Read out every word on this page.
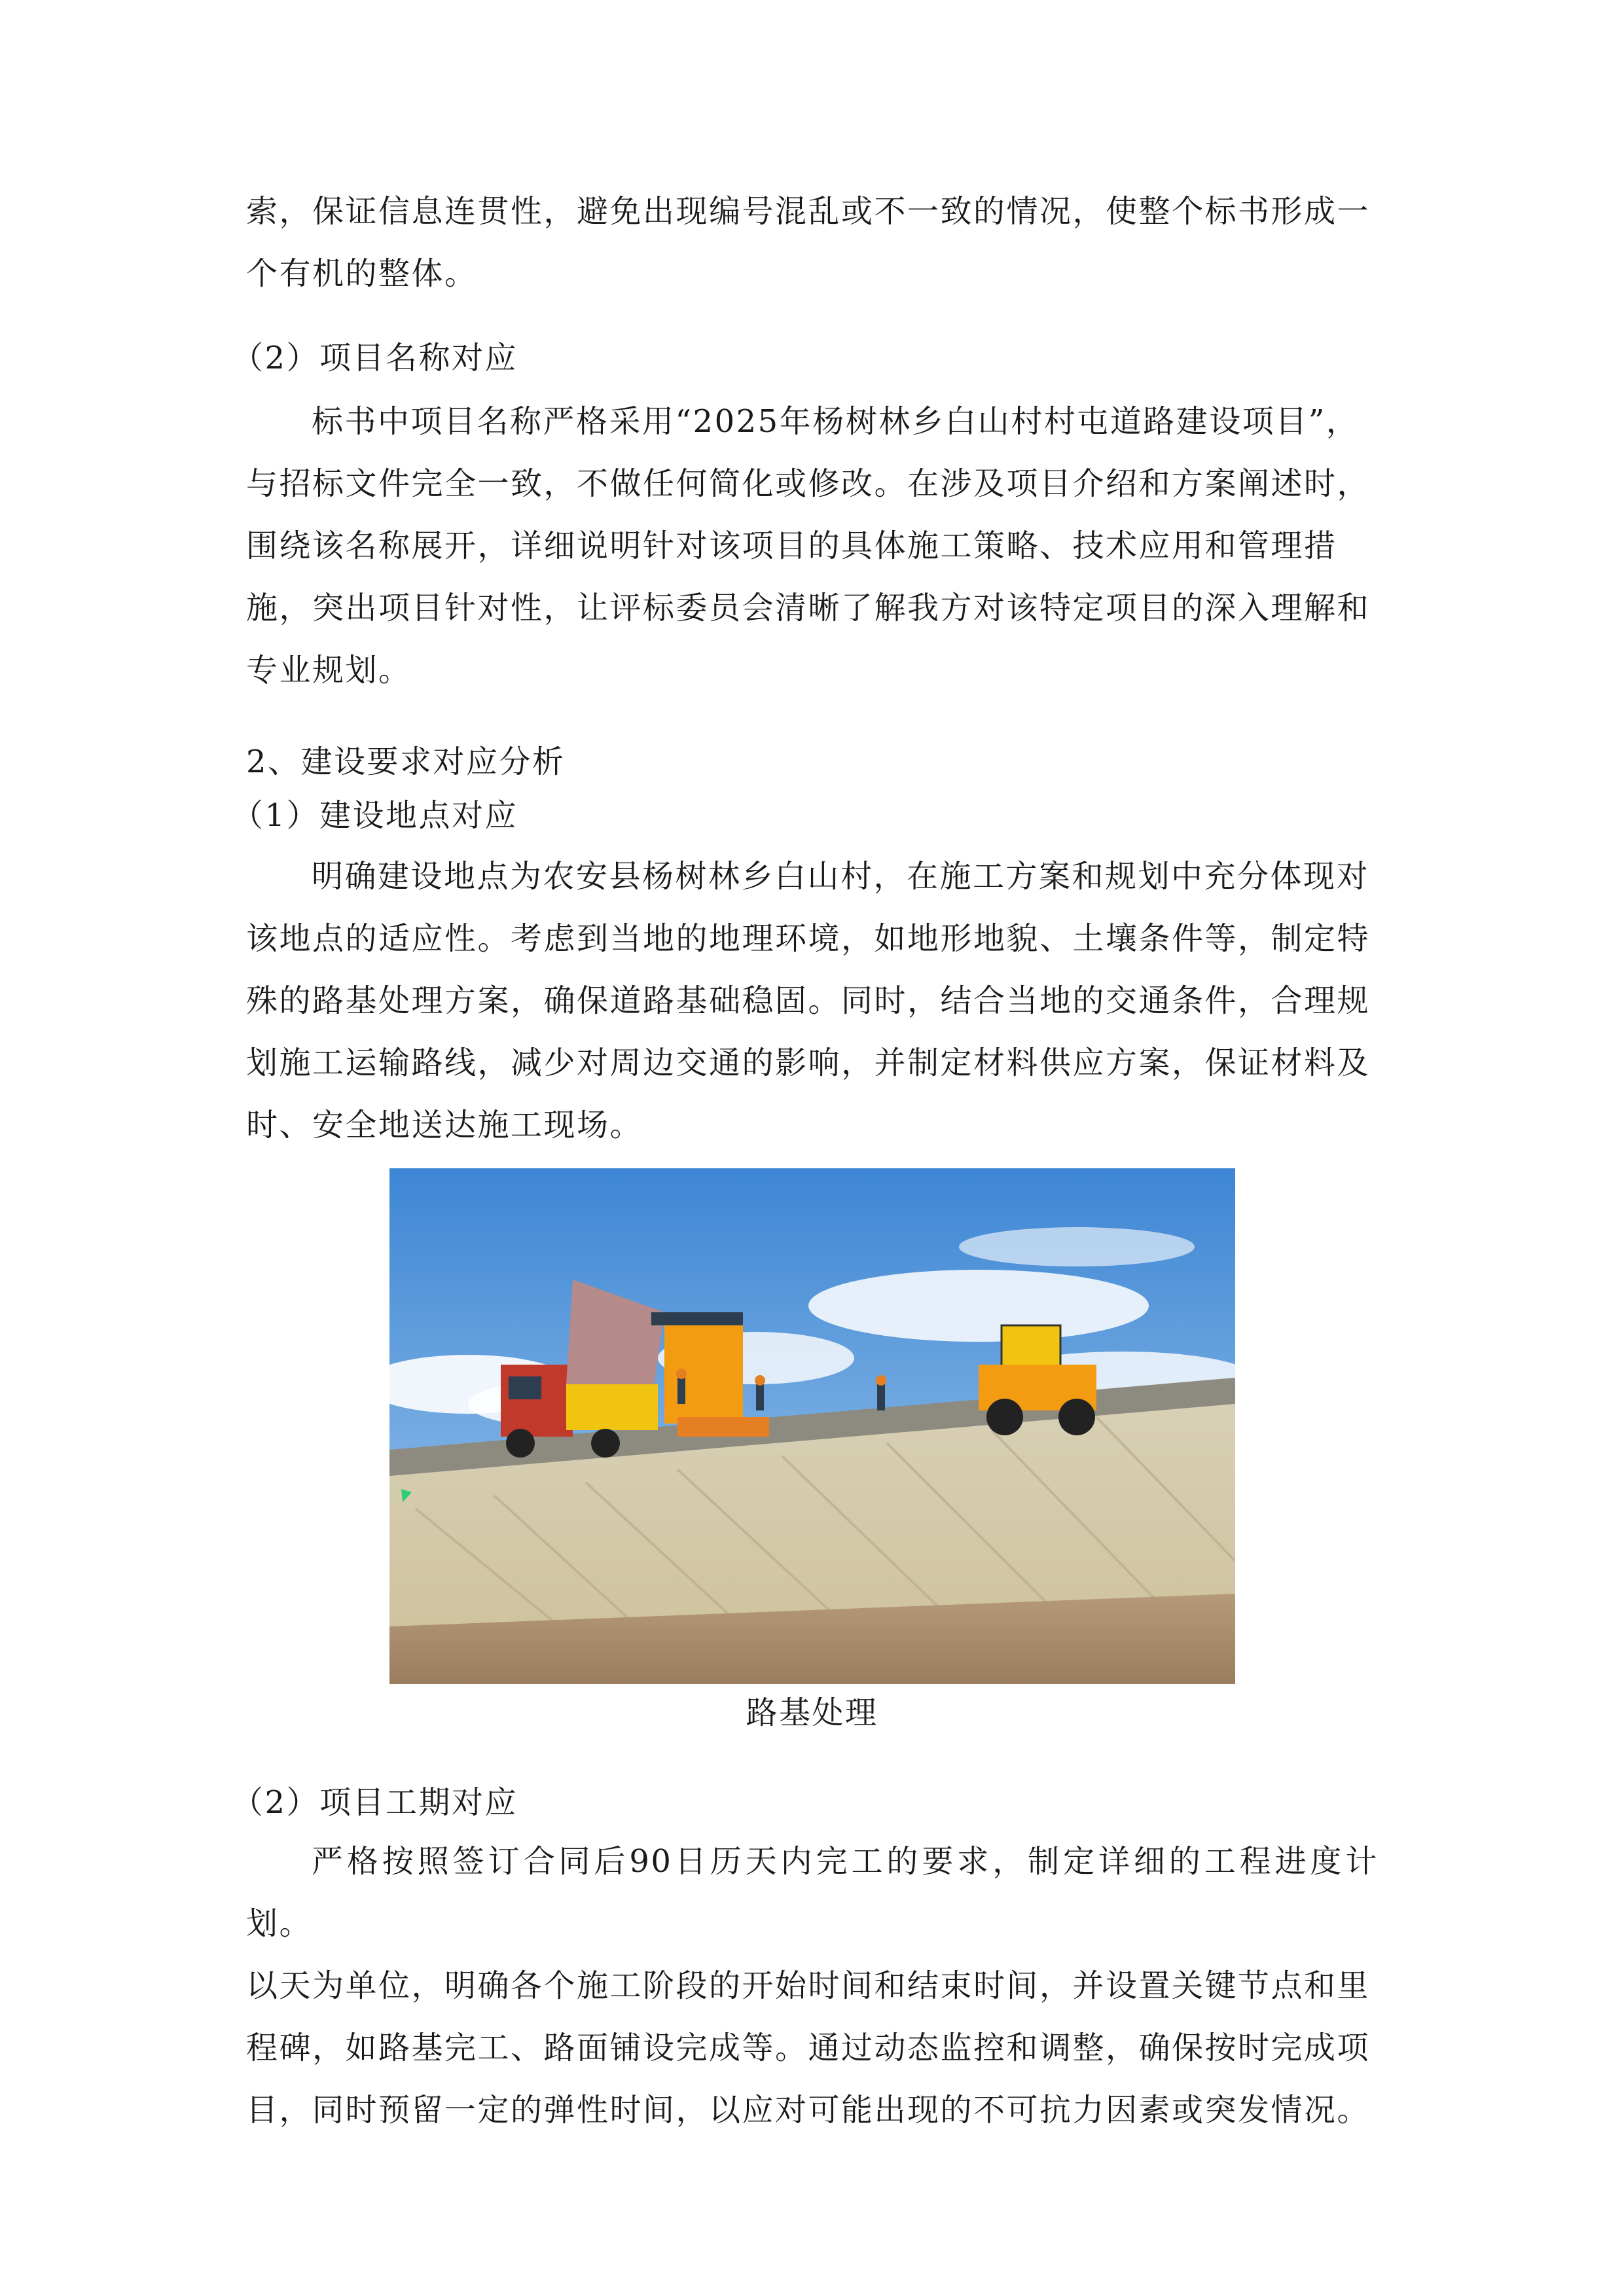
索，保证信息连贯性，避免出现编号混乱或不一致的情况，使整个标书形成一

个有机的整体。

（2）项目名称对应

标书中项目名称严格采用“2025年杨树林乡白山村村屯道路建设项目”，

与招标文件完全一致，不做任何简化或修改。在涉及项目介绍和方案阐述时，

围绕该名称展开，详细说明针对该项目的具体施工策略、技术应用和管理措

施，突出项目针对性，让评标委员会清晰了解我方对该特定项目的深入理解和

专业规划。

2、建设要求对应分析

（1）建设地点对应

明确建设地点为农安县杨树林乡白山村，在施工方案和规划中充分体现对

该地点的适应性。考虑到当地的地理环境，如地形地貌、土壤条件等，制定特

殊的路基处理方案，确保道路基础稳固。同时，结合当地的交通条件，合理规

划施工运输路线，减少对周边交通的影响，并制定材料供应方案，保证材料及

时、安全地送达施工现场。

路基处理

（2）项目工期对应

严格按照签订合同后90日历天内完工的要求，制定详细的工程进度计划。

以天为单位，明确各个施工阶段的开始时间和结束时间，并设置关键节点和里

程碑，如路基完工、路面铺设完成等。通过动态监控和调整，确保按时完成项

目，同时预留一定的弹性时间，以应对可能出现的不可抗力因素或突发情况。
